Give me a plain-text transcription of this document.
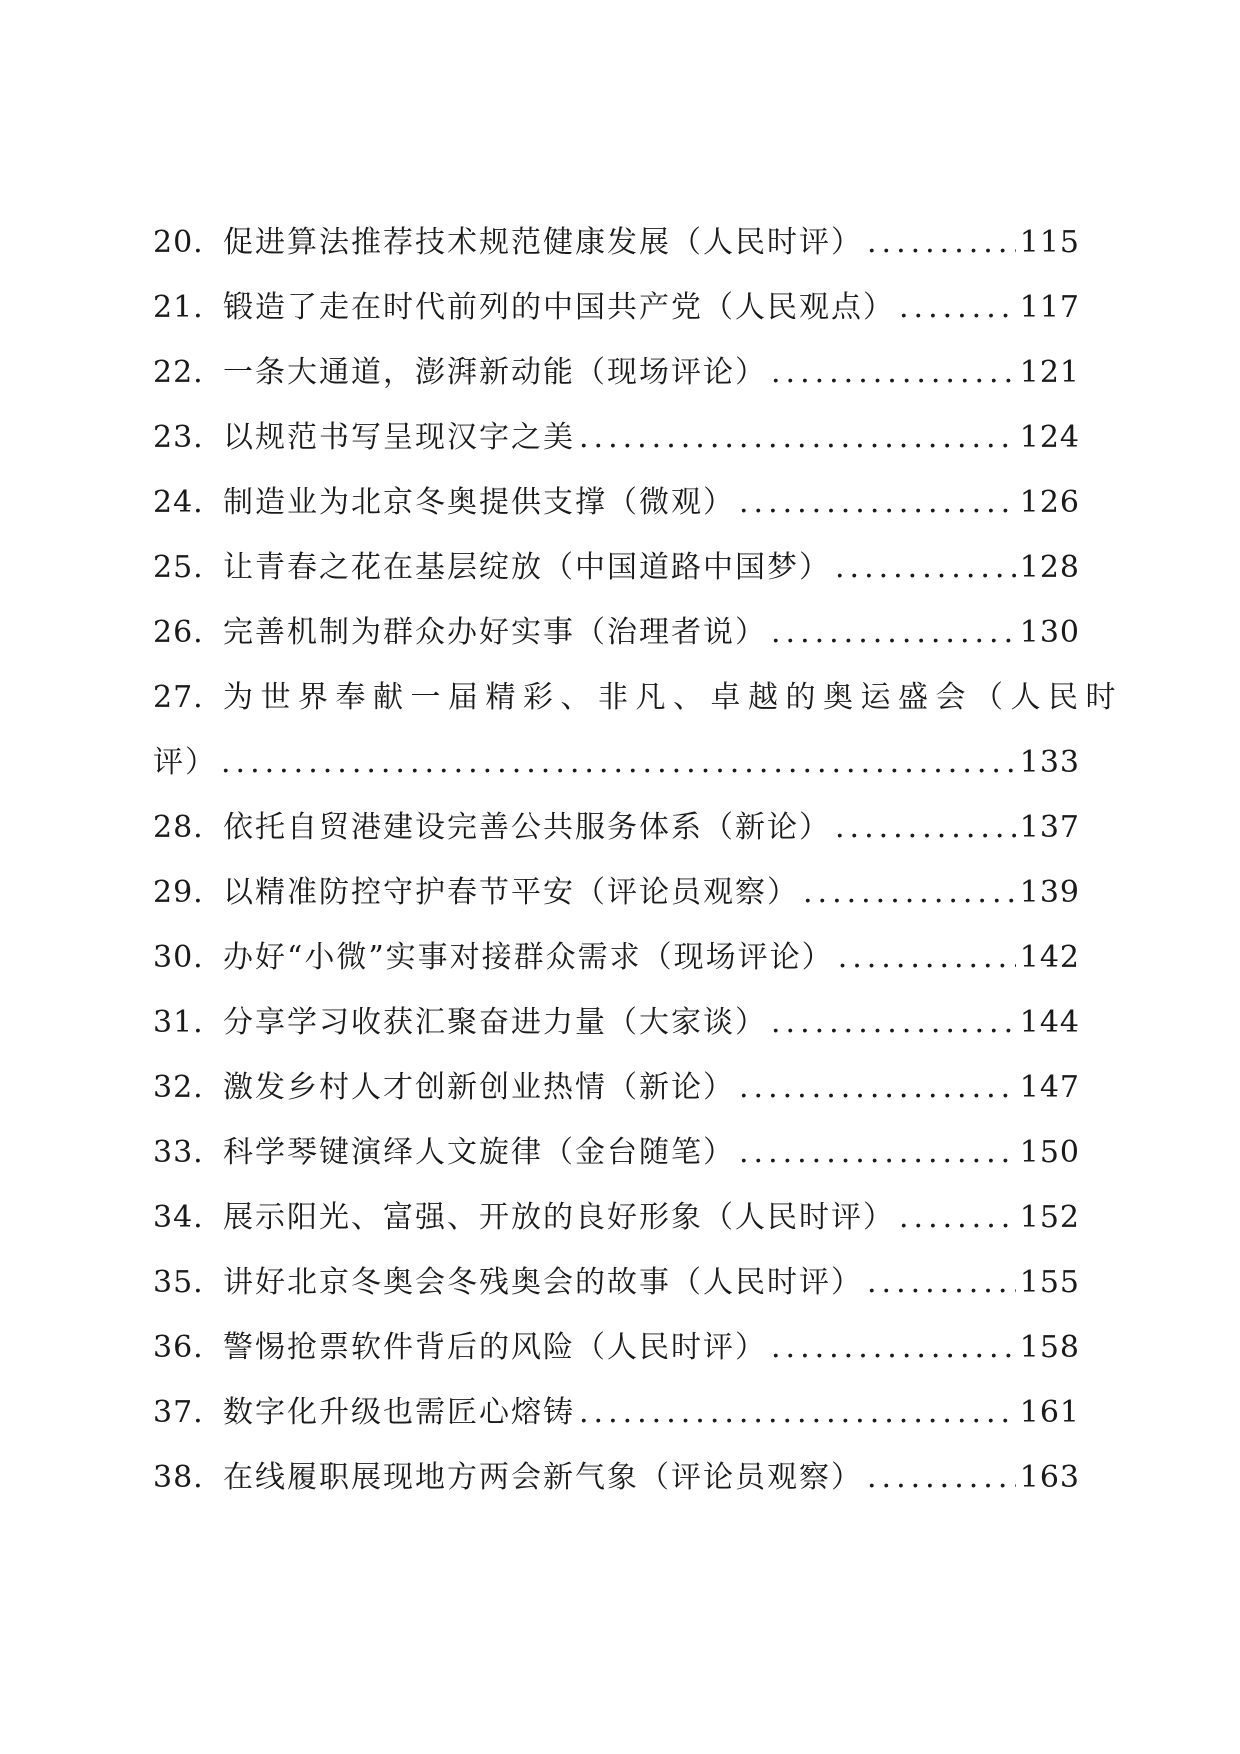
20. 促进算法推荐技术规范健康发展（人民时评） .....	115
21. 锻造了走在时代前列的中国共产党（人民观点） .....	117
22. 一条大通道，澎湃新动能（现场评论） .....	121
23. 以规范书写呈现汉字之美 .....	124
24. 制造业为北京冬奥提供支撑（微观） .....	126
25. 让青春之花在基层绽放（中国道路中国梦） .....	128
26. 完善机制为群众办好实事（治理者说） .....	130
27. 为世界奉献一届精彩、非凡、卓越的奥运盛会（人民时
评） .....	133
28. 依托自贸港建设完善公共服务体系（新论） .....	137
29. 以精准防控守护春节平安（评论员观察） .....	139
30. 办好“小微”实事对接群众需求（现场评论） .....	142
31. 分享学习收获汇聚奋进力量（大家谈） .....	144
32. 激发乡村人才创新创业热情（新论） .....	147
33. 科学琴键演绎人文旋律（金台随笔） .....	150
34. 展示阳光、富强、开放的良好形象（人民时评） .....	152
35. 讲好北京冬奥会冬残奥会的故事（人民时评） .....	155
36. 警惕抢票软件背后的风险（人民时评） .....	158
37. 数字化升级也需匠心熔铸 .....	161
38. 在线履职展现地方两会新气象（评论员观察） .....	163
